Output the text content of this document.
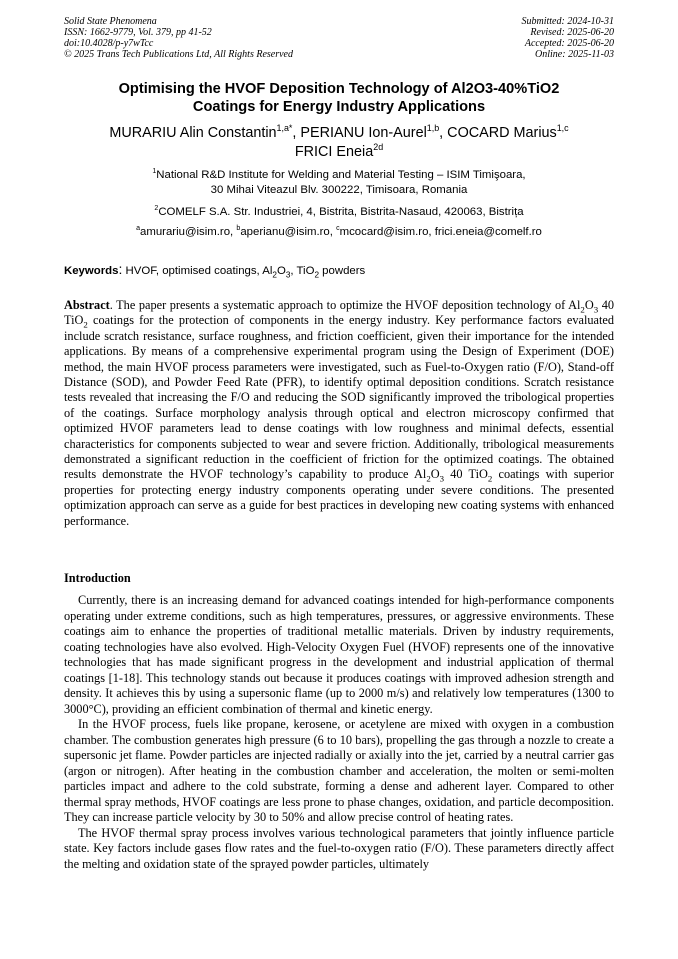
Solid State Phenomena
ISSN: 1662-9779, Vol. 379, pp 41-52
doi:10.4028/p-y7wTcc
© 2025 Trans Tech Publications Ltd, All Rights Reserved
Submitted: 2024-10-31
Revised: 2025-06-20
Accepted: 2025-06-20
Online: 2025-11-03
Optimising the HVOF Deposition Technology of Al2O3-40%TiO2
Coatings for Energy Industry Applications
MURARIU Alin Constantin$^{1,a*}$, PERIANU Ion-Aurel$^{1,b}$, COCARD Marius$^{1,c}$
FRICI Eneia$^{2d}$
$^1$National R&D Institute for Welding and Material Testing – ISIM Timişoara,
30 Mihai Viteazul Blv. 300222, Timisoara, Romania
$^2$COMELF S.A. Str. Industriei, 4, Bistrita, Bistrita-Nasaud, 420063, Bistrița
$^a$amurariu@isim.ro, $^b$aperianu@isim.ro, $^c$mcocard@isim.ro, frici.eneia@comelf.ro
Keywords: HVOF, optimised coatings, $Al_2O_3$, TiO$_2$ powders
Abstract. The paper presents a systematic approach to optimize the HVOF deposition technology of $Al_2O_3$ 40 TiO$_2$ coatings for the protection of components in the energy industry. Key performance factors evaluated include scratch resistance, surface roughness, and friction coefficient, given their importance for the intended applications. By means of a comprehensive experimental program using the Design of Experiment (DOE) method, the main HVOF process parameters were investigated, such as Fuel-to-Oxygen ratio (F/O), Stand-off Distance (SOD), and Powder Feed Rate (PFR), to identify optimal deposition conditions. Scratch resistance tests revealed that increasing the F/O and reducing the SOD significantly improved the tribological properties of the coatings. Surface morphology analysis through optical and electron microscopy confirmed that optimized HVOF parameters lead to dense coatings with low roughness and minimal defects, essential characteristics for components subjected to wear and severe friction. Additionally, tribological measurements demonstrated a significant reduction in the coefficient of friction for the optimized coatings. The obtained results demonstrate the HVOF technology’s capability to produce $Al_2O_3$ 40 TiO$_2$ coatings with superior properties for protecting energy industry components operating under severe conditions. The presented optimization approach can serve as a guide for best practices in developing new coating systems with enhanced performance.
Introduction

Currently, there is an increasing demand for advanced coatings intended for high-performance components operating under extreme conditions, such as high temperatures, pressures, or aggressive environments. These coatings aim to enhance the properties of traditional metallic materials. Driven by industry requirements, coating technologies have also evolved. High-Velocity Oxygen Fuel (HVOF) represents one of the innovative technologies that has made significant progress in the development and industrial application of thermal coatings [1-18]. This technology stands out because it produces coatings with improved adhesion strength and density. It achieves this by using a supersonic flame (up to 2000 m/s) and relatively low temperatures (1300 to 3000°C), providing an efficient combination of thermal and kinetic energy.

In the HVOF process, fuels like propane, kerosene, or acetylene are mixed with oxygen in a combustion chamber. The combustion generates high pressure (6 to 10 bars), propelling the gas through a nozzle to create a supersonic jet flame. Powder particles are injected radially or axially into the jet, carried by a neutral carrier gas (argon or nitrogen). After heating in the combustion chamber and acceleration, the molten or semi-molten particles impact and adhere to the cold substrate, forming a dense and adherent layer. Compared to other thermal spray methods, HVOF coatings are less prone to phase changes, oxidation, and particle decomposition. They can increase particle velocity by 30 to 50% and allow precise control of heating rates.

The HVOF thermal spray process involves various technological parameters that jointly influence particle state. Key factors include gases flow rates and the fuel-to-oxygen ratio (F/O). These parameters directly affect the melting and oxidation state of the sprayed powder particles, ultimately
